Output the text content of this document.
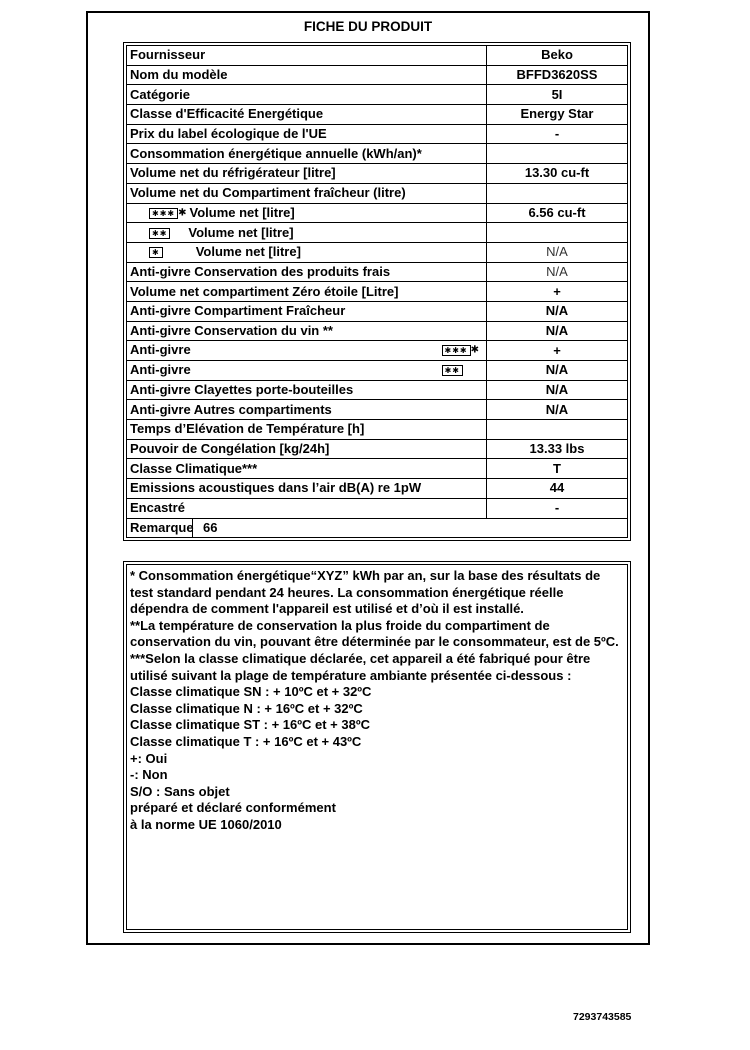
FICHE DU PRODUIT
Fournisseur	Beko
Nom du modèle	BFFD3620SS
Catégorie	5I
Classe d'Efficacité Energétique	Energy Star
Prix du label écologique de l'UE	-
Consommation énergétique annuelle (kWh/an)*	
Volume net du réfrigérateur [litre]	13.30 cu-ft
Volume net du Compartiment fraîcheur (litre)	
✱✱✱ ✱ Volume net [litre]	6.56 cu-ft
✱✱ Volume net [litre]	
✱ Volume net [litre]	N/A
Anti-givre Conservation des produits frais	N/A
Volume net compartiment Zéro étoile [Litre]	+
Anti-givre Compartiment Fraîcheur	N/A
Anti-givre Conservation du vin **	N/A
Anti-givre ✱✱✱ ✱	+
Anti-givre ✱✱	N/A
Anti-givre Clayettes porte-bouteilles	N/A
Anti-givre Autres compartiments	N/A
Temps d’Elévation de Température [h]	
Pouvoir de Congélation [kg/24h]	13.33 lbs
Classe Climatique***	T
Emissions acoustiques dans l’air dB(A) re 1pW	44
Encastré	-
Remarque 66	

* Consommation énergétique“XYZ” kWh par an, sur la base des résultats de test standard pendant 24 heures. La consommation énergétique réelle dépendra de comment l'appareil est utilisé et d’où il est installé.

**La température de conservation la plus froide du compartiment de conservation du vin, pouvant être déterminée par le consommateur, est de 5ºC.

***Selon la classe climatique déclarée, cet appareil a été fabriqué pour être utilisé suivant la plage de température ambiante présentée ci-dessous :

Classe climatique SN : + 10ºC et + 32ºC

Classe climatique N : + 16ºC et + 32ºC

Classe climatique ST : + 16ºC et + 38ºC

Classe climatique T : + 16ºC et + 43ºC

+: Oui

-: Non

S/O : Sans objet

préparé et déclaré conformément

à la norme UE 1060/2010

7293743585
